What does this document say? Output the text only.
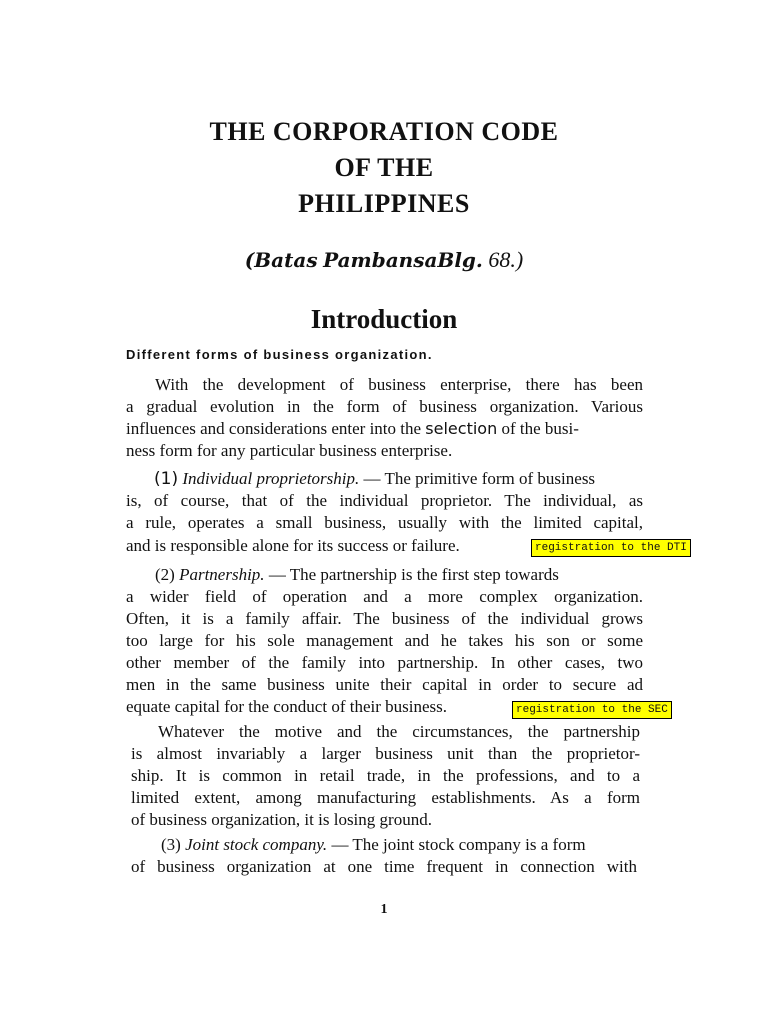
THE CORPORATION CODE
OF THE
PHILIPPINES
(Batas PambansaBlg. 68.)
Introduction
Different forms of business organization.
With the development of business enterprise, there has been
a gradual evolution in the form of business organization. Various
influences and considerations enter into the selection of the busi-
ness form for any particular business enterprise.
(1) Individual proprietorship. — The primitive form of business
is, of course, that of the individual proprietor. The individual, as
a rule, operates a small business, usually with the limited capital,
and is responsible alone for its success or failure.	registration to the DTI
(2) Partnership. — The partnership is the first step towards
a wider field of operation and a more complex organization.
Often, it is a family affair. The business of the individual grows
too large for his sole management and he takes his son or some
other member of the family into partnership. In other cases, two
men in the same business unite their capital in order to secure ad
equate capital for the conduct of their business.	registration to the SEC
Whatever the motive and the circumstances, the partnership
is almost invariably a larger business unit than the proprietor-
ship. It is common in retail trade, in the professions, and to a
limited extent, among manufacturing establishments. As a form
of business organization, it is losing ground.
(3) Joint stock company. — The joint stock company is a form
of business organization at one time frequent in connection with
1
